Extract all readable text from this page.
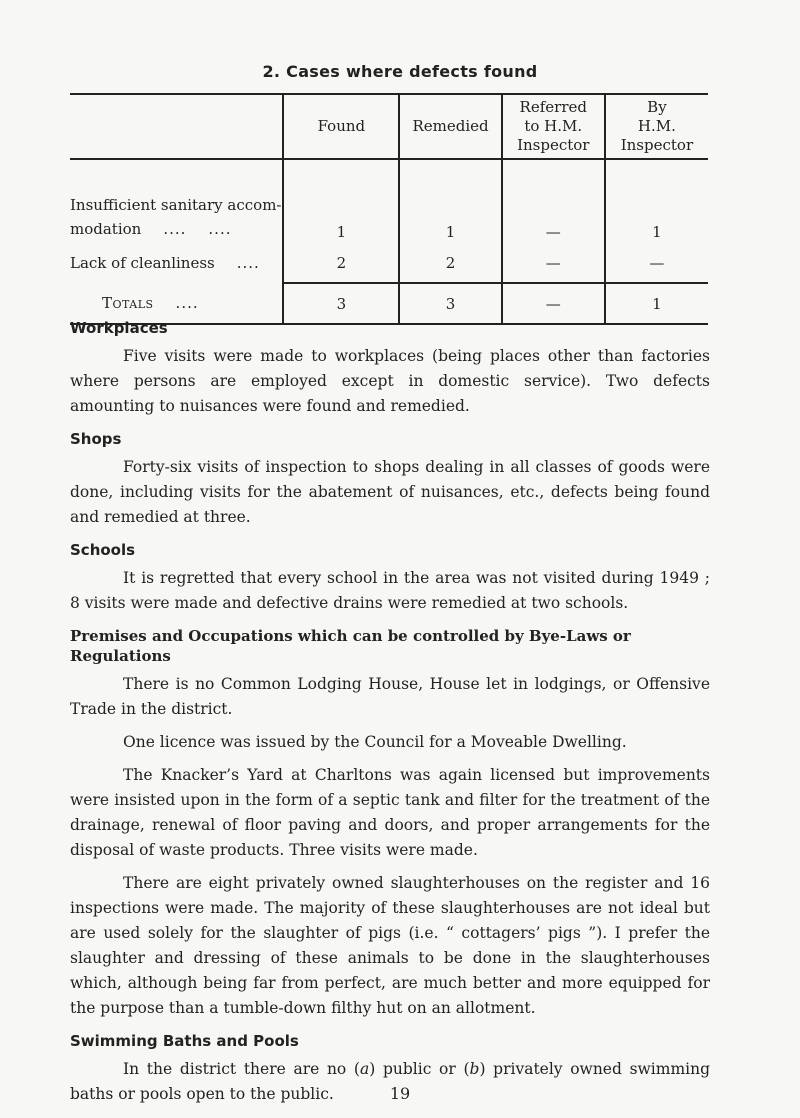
2. Cases where defects found
	Found	Remedied	Referred
to H.M.
Inspector	By
H.M.
Inspector
Insufficient sanitary accom-
modation .... ....	1	1	—	1
Lack of cleanliness ....	2	2	—	—
Totals ....	3	3	—	1
Workplaces

Five visits were made to workplaces (being places other than factories where persons are employed except in domestic service). Two defects amounting to nuisances were found and remedied.

Shops

Forty-six visits of inspection to shops dealing in all classes of goods were done, including visits for the abatement of nuisances, etc., defects being found and remedied at three.

Schools

It is regretted that every school in the area was not visited during 1949 ; 8 visits were made and defective drains were remedied at two schools.

Premises and Occupations which can be controlled by Bye-Laws or Regulations

There is no Common Lodging House, House let in lodgings, or Offensive Trade in the district.

One licence was issued by the Council for a Moveable Dwelling.

The Knacker’s Yard at Charltons was again licensed but improvements were insisted upon in the form of a septic tank and filter for the treatment of the drainage, renewal of floor paving and doors, and proper arrangements for the disposal of waste products. Three visits were made.

There are eight privately owned slaughterhouses on the register and 16 inspections were made. The majority of these slaughterhouses are not ideal but are used solely for the slaughter of pigs (i.e. “ cottagers’ pigs ”). I prefer the slaughter and dressing of these animals to be done in the slaughterhouses which, although being far from perfect, are much better and more equipped for the purpose than a tumble-down filthy hut on an allotment.

Swimming Baths and Pools

In the district there are no (a) public or (b) privately owned swimming baths or pools open to the public.	19
